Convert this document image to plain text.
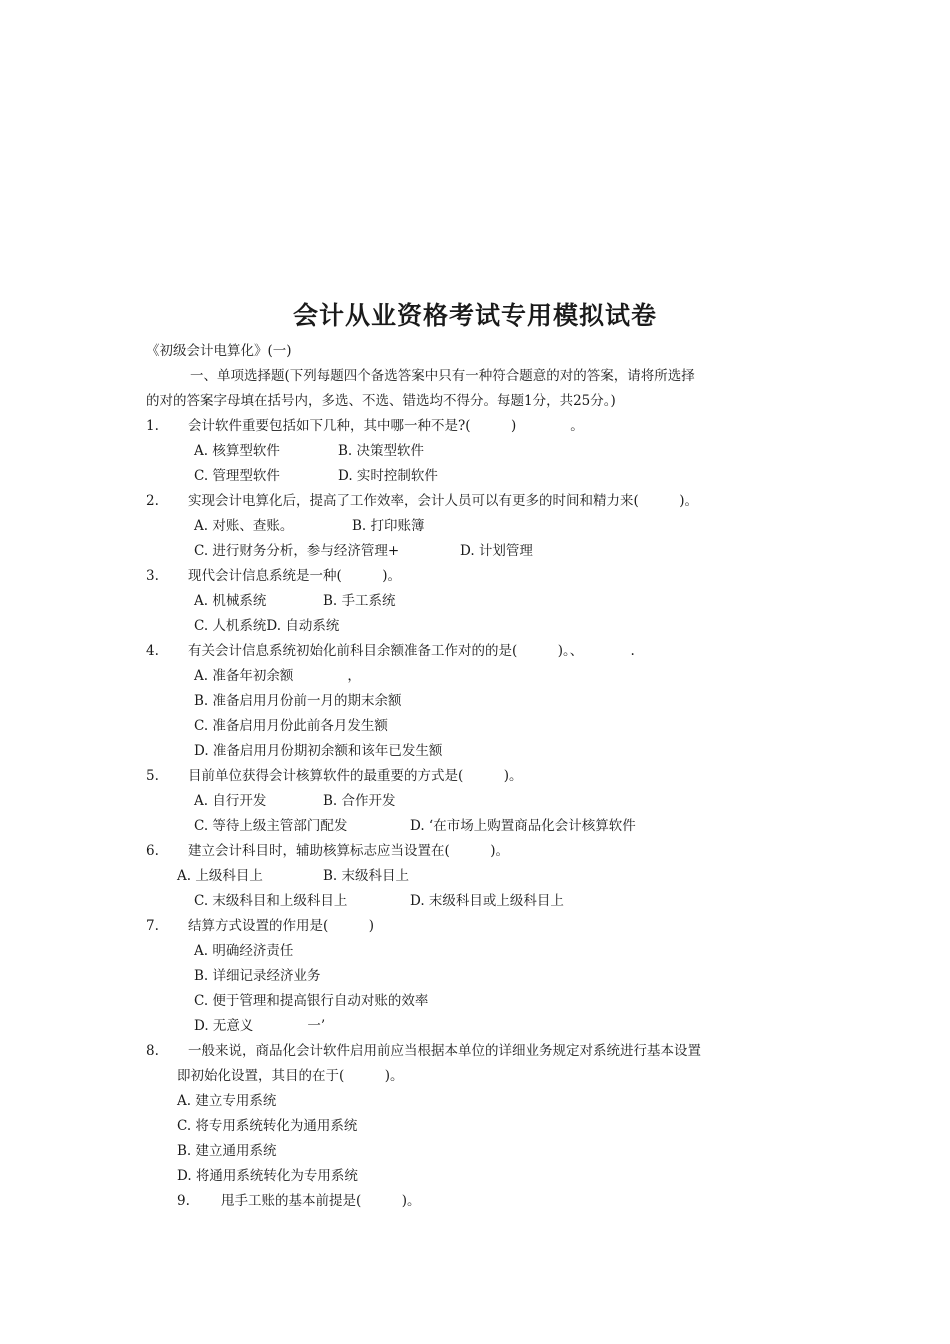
会计从业资格考试专用模拟试卷
《初级会计电算化》(一)
一、单项选择题(下列每题四个备选答案中只有一种符合题意的对的答案，请将所选择
的对的答案字母填在括号内，多选、不选、错选均不得分。每题1分，共25分。)
1. 会计软件重要包括如下几种，其中哪一种不是?(　　　)　　　　。
A. 核算型软件	B. 决策型软件
C. 管理型软件	D. 实时控制软件
2. 实现会计电算化后，提高了工作效率，会计人员可以有更多的时间和精力来(　　　)。
A. 对账、查账。	B. 打印账簿
C. 进行财务分析，参与经济管理+	D. 计划管理
3. 现代会计信息系统是一种(　　　)。
A. 机械系统	B. 手工系统
C. 人机系统D. 自动系统
4. 有关会计信息系统初始化前科目余额准备工作对的的是(　　　)。、　　　　.
A. 准备年初余额　　　　，
B. 准备启用月份前一月的期末余额
C. 准备启用月份此前各月发生额
D. 准备启用月份期初余额和该年已发生额
5. 目前单位获得会计核算软件的最重要的方式是(　　　)。
A. 自行开发	B. 合作开发
C. 等待上级主管部门配发	D. ‘在市场上购置商品化会计核算软件
6. 建立会计科目时，辅助核算标志应当设置在(　　　)。
A. 上级科目上	B. 末级科目上
C. 末级科目和上级科目上	D. 末级科目或上级科目上
7. 结算方式设置的作用是(　　　)
A. 明确经济责任
B. 详细记录经济业务
C. 便于管理和提高银行自动对账的效率
D. 无意义　　　　一’
8. 一般来说，商品化会计软件启用前应当根据本单位的详细业务规定对系统进行基本设置
即初始化设置，其目的在于(　　　)。
A. 建立专用系统
C. 将专用系统转化为通用系统
B. 建立通用系统
D. 将通用系统转化为专用系统
9. 甩手工账的基本前提是(　　　)。
